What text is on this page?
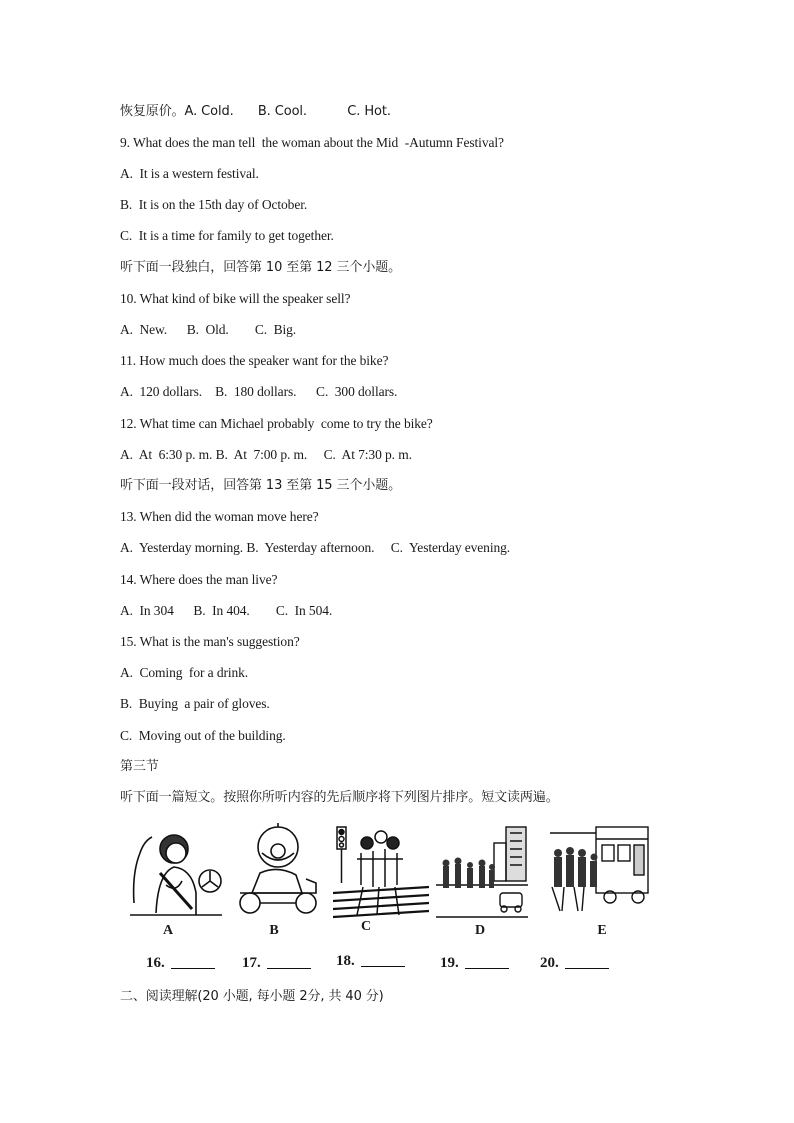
恢复原价。A. Cold.      B. Cool.          C. Hot.
9. What does the man tell  the woman about the Mid  -Autumn Festival?
A.  It is a western festival.
B.  It is on the 15th day of October.
C.  It is a time for family to get together.
听下面一段独白，回答第 10 至第 12 三个小题。
10. What kind of bike will the speaker sell?
A.  New.      B.  Old.        C.  Big.
11. How much does the speaker want for the bike?
A.  120 dollars.    B.  180 dollars.      C.  300 dollars.
12. What time can Michael probably  come to try the bike?
A.  At  6:30 p. m. B.  At  7:00 p. m.     C.  At 7:30 p. m.
听下面一段对话，回答第 13 至第 15 三个小题。
13. When did the woman move here?
A.  Yesterday morning. B.  Yesterday afternoon.     C.  Yesterday evening.
14. Where does the man live?
A.  In 304      B.  In 404.        C.  In 504.
15. What is the man's suggestion?
A.  Coming  for a drink.
B.  Buying  a pair of gloves.
C.  Moving out of the building.
第三节
听下面一篇短文。按照你所听内容的先后顺序将下列图片排序。短文读两遍。
二、阅读理解(20 小题, 每小题 2分, 共 40 分)
A	B	C	D	E
16.	17.	18.	19.	20.
